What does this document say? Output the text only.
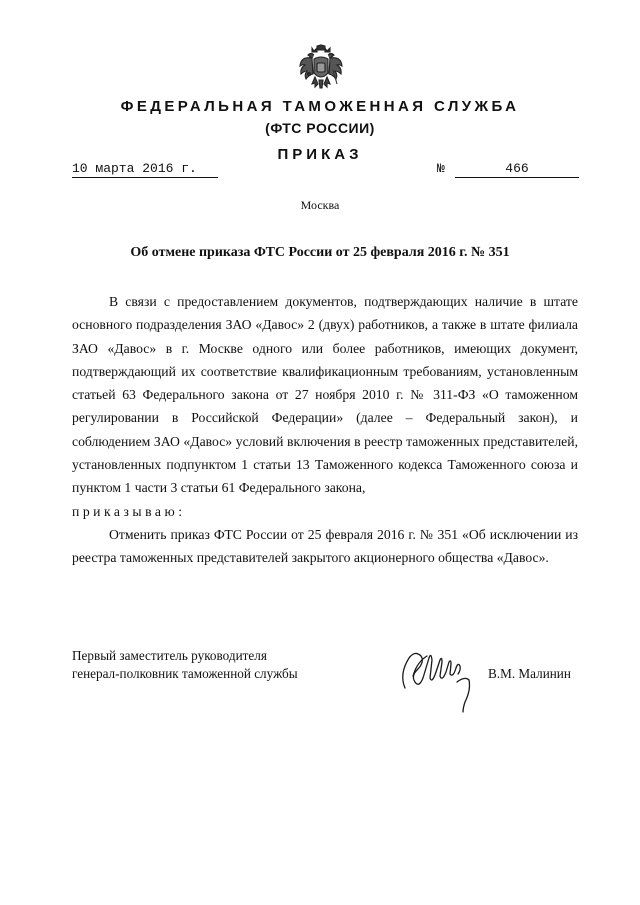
ФЕДЕРАЛЬНАЯ ТАМОЖЕННАЯ СЛУЖБА
(ФТС РОССИИ)
ПРИКАЗ
10 марта 2016 г.	№	466
Москва
Об отмене приказа ФТС России от 25 февраля 2016 г. № 351

В связи с предоставлением документов, подтверждающих наличие в штате основного подразделения ЗАО «Давос» 2 (двух) работников, а также в штате филиала ЗАО «Давос» в г. Москве одного или более работников, имеющих документ, подтверждающий их соответствие квалификационным требованиям, установленным статьей 63 Федерального закона от 27 ноября 2010 г. № 311-ФЗ «О таможенном регулировании в Российской Федерации» (далее – Федеральный закон), и соблюдением ЗАО «Давос» условий включения в реестр таможенных представителей, установленных подпунктом 1 статьи 13 Таможенного кодекса Таможенного союза и пунктом 1 части 3 статьи 61 Федерального закона,

приказываю:

Отменить приказ ФТС России от 25 февраля 2016 г. № 351 «Об исключении из реестра таможенных представителей закрытого акционерного общества «Давос».

Первый заместитель руководителя
генерал-полковник таможенной службы	В.М. Малинин
